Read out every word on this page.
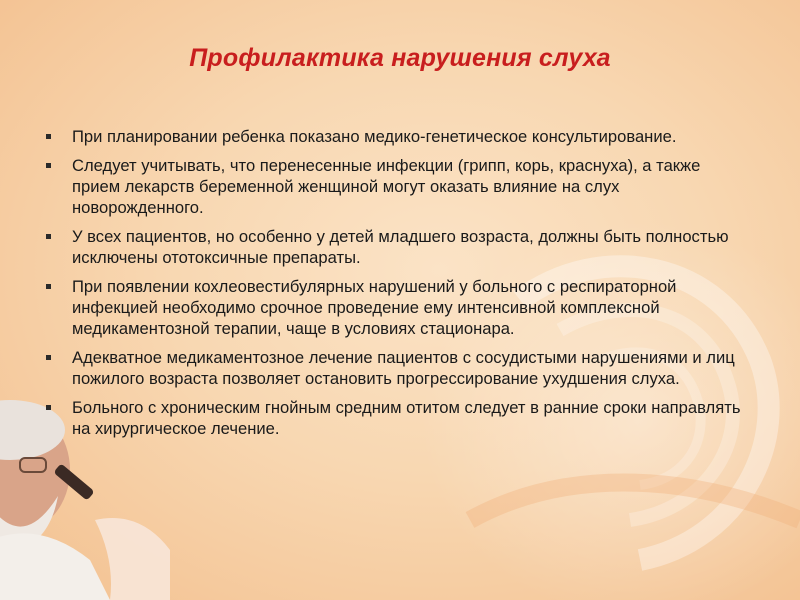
Профилактика нарушения слуха
При планировании ребенка показано медико-генетическое консультирование.
Следует учитывать, что перенесенные инфекции (грипп, корь, краснуха), а также прием лекарств беременной женщиной могут оказать влияние на слух новорожденного.
У всех пациентов, но особенно у детей младшего возраста, должны быть полностью исключены ототоксичные препараты.
При появлении кохлеовестибулярных нарушений у больного с респираторной инфекцией необходимо срочное проведение ему интенсивной комплексной медикаментозной терапии, чаще в условиях стационара.
Адекватное медикаментозное лечение пациентов с сосудистыми нарушениями и лиц пожилого возраста позволяет остановить прогрессирование ухудшения слуха.
Больного с хроническим гнойным средним отитом следует в ранние сроки направлять на хирургическое лечение.
